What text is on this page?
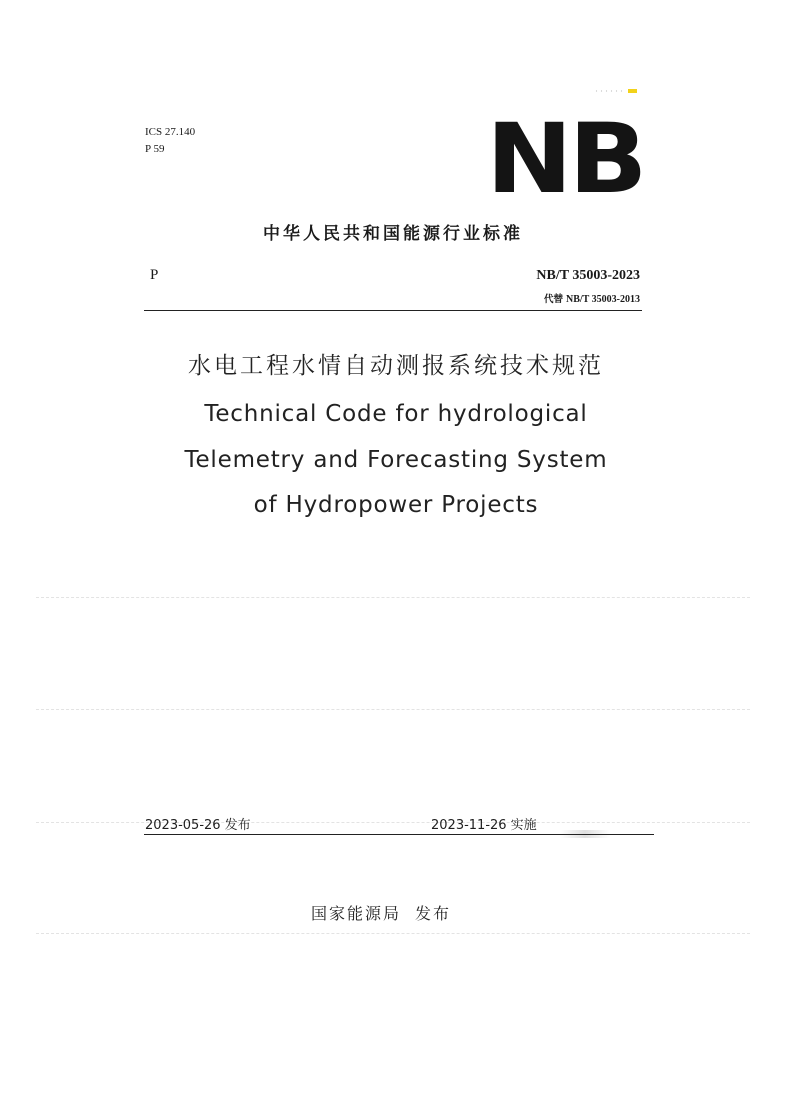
ICS 27.140
P 59	NB
中华人民共和国能源行业标准
P	NB/T 35003-2023
代替 NB/T 35003-2013
水电工程水情自动测报系统技术规范
Technical Code for hydrological
Telemetry and Forecasting System
of Hydropower Projects
2023-05-26 发布	2023-11-26 实施
国家能源局 发布
